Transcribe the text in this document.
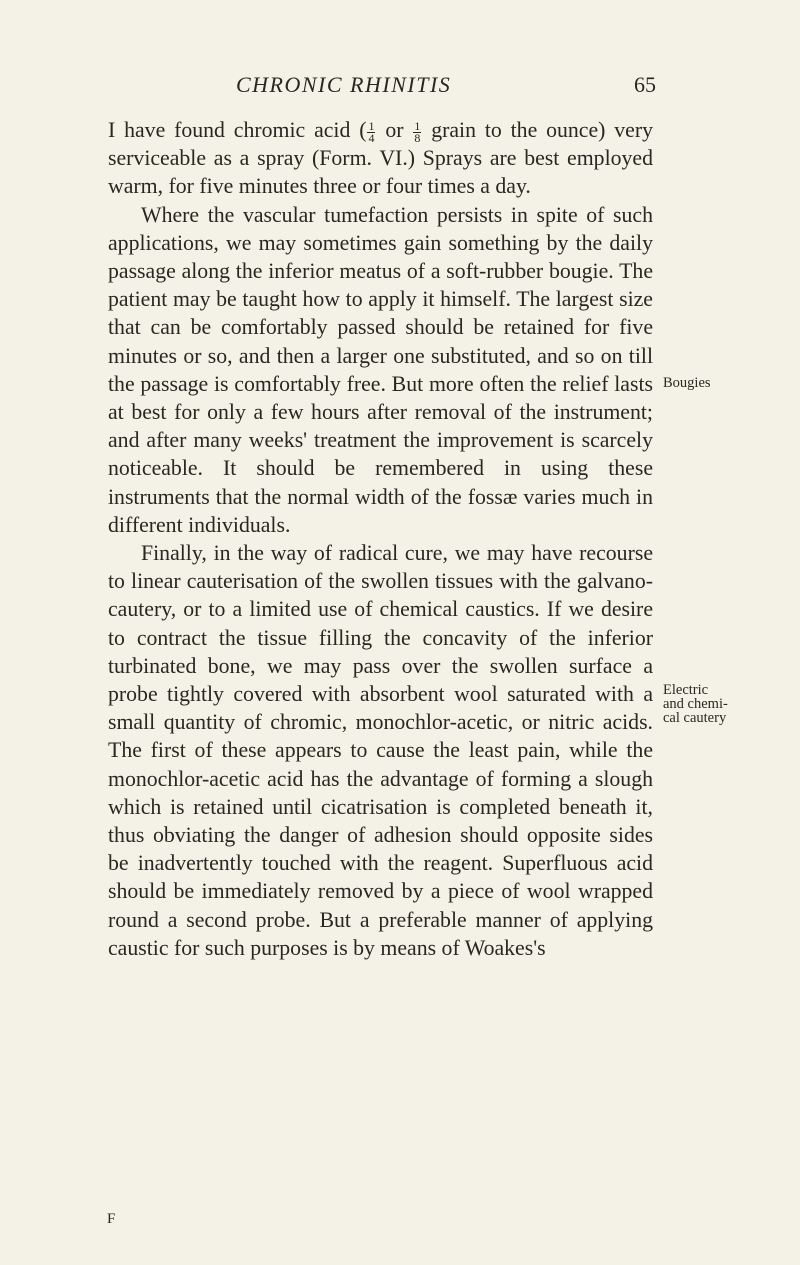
CHRONIC RHINITIS	65

I have found chromic acid ( $\frac{1}{4}$ or $\frac{1}{8}$ grain to the ounce) very serviceable as a spray (Form. VI.) Sprays are best employed warm, for five minutes three or four times a day.

Where the vascular tumefaction persists in spite of such applications, we may sometimes gain something by the daily passage along the inferior meatus of a soft-rubber bougie. The patient may be taught how to apply it himself. The largest size that can be comfortably passed should be retained for five minutes or so, and then a larger one substituted, and so on till the passage is comfortably free. But more often the relief lasts at best for only a few hours after removal of the instrument; and after many weeks' treatment the improvement is scarcely noticeable. It should be remembered in using these instruments that the normal width of the fossæ varies much in different individuals.

Finally, in the way of radical cure, we may have recourse to linear cauterisation of the swollen tissues with the galvano-cautery, or to a limited use of chemical caustics. If we desire to contract the tissue filling the concavity of the inferior turbinated bone, we may pass over the swollen surface a probe tightly covered with absorbent wool saturated with a small quantity of chromic, monochlor-acetic, or nitric acids. The first of these appears to cause the least pain, while the monochlor-acetic acid has the advantage of forming a slough which is retained until cicatrisation is completed beneath it, thus obviating the danger of adhesion should opposite sides be inadvertently touched with the reagent. Superfluous acid should be immediately removed by a piece of wool wrapped round a second probe. But a preferable manner of applying caustic for such purposes is by means of Woakes's

Bougies
Electric
and chemi-
cal cautery
F
